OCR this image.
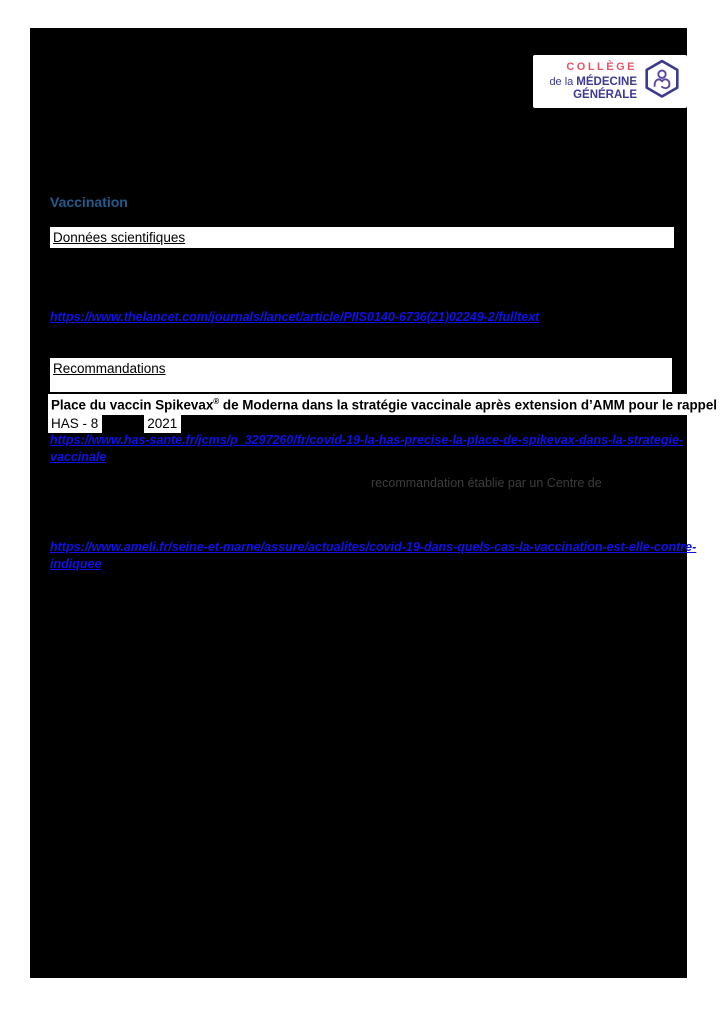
COLLÈGE
de la MÉDECINE
GÉNÉRALE
Vaccination
Données scientifiques
https://www.thelancet.com/journals/lancet/article/PIIS0140-6736(21)02249-2/fulltext
Recommandations
Place du vaccin Spikevax® de Moderna dans la stratégie vaccinale après extension d’AMM pour le rappel
HAS - 8	2021
https://www.has-sante.fr/jcms/p_3297260/fr/covid-19-la-has-precise-la-place-de-spikevax-dans-la-strategie-
vaccinale
recommandation établie par un Centre de
https://www.ameli.fr/seine-et-marne/assure/actualites/covid-19-dans-quels-cas-la-vaccination-est-elle-contre-
indiquee
